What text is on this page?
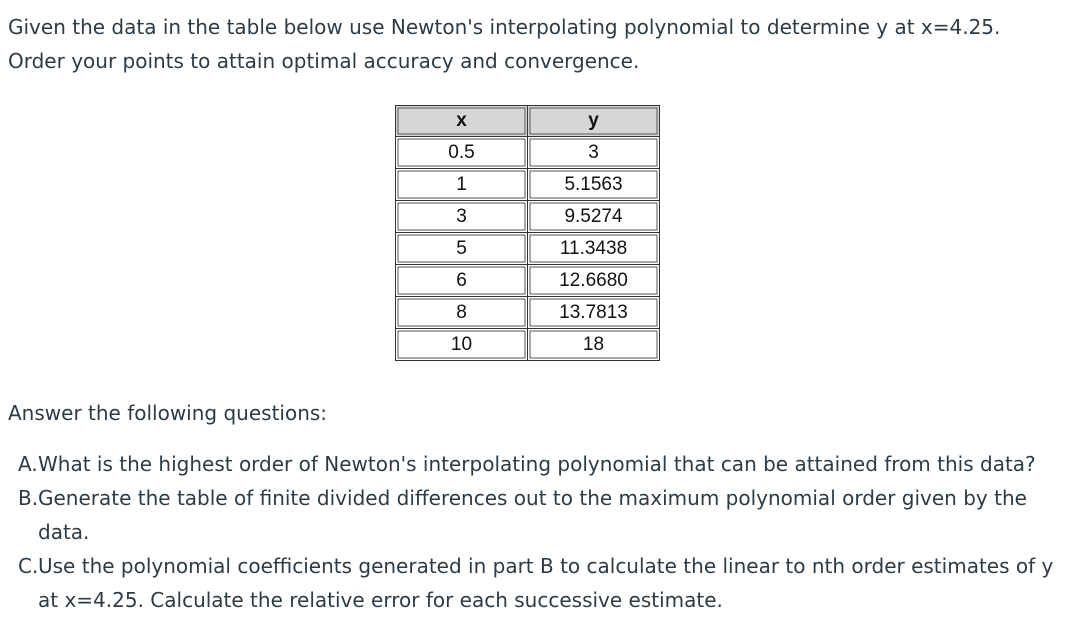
Given the data in the table below use Newton's interpolating polynomial to determine y at x=4.25.

Order your points to attain optimal accuracy and convergence.

x	y
0.5	3
1	5.1563
3	9.5274
5	11.3438
6	12.6680
8	13.7813
10	18

Answer the following questions:

A. What is the highest order of Newton's interpolating polynomial that can be attained from this data?
B. Generate the table of finite divided differences out to the maximum polynomial order given by the data.
C. Use the polynomial coefficients generated in part B to calculate the linear to nth order estimates of y at x=4.25. Calculate the relative error for each successive estimate.
